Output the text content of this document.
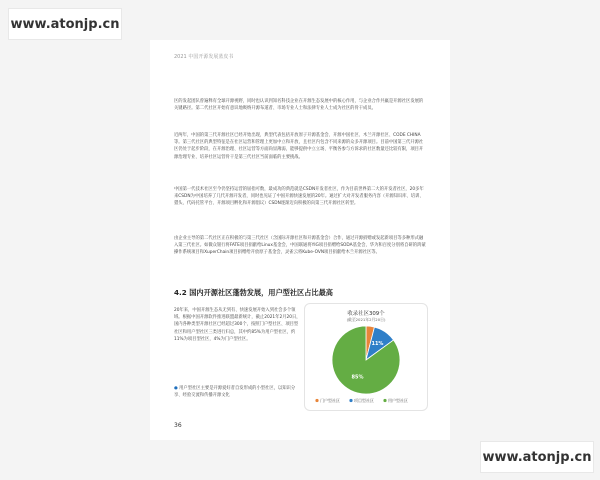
www.atonjp.cn
2021 中国开源发展蓝皮书

区的发起团队曾遍释有全球开源视野，同时也认识到知名科技企业在开源生态发展中的核心作用，与企业合作共赢是开源社区发展的关键路径。第二代社区开始有意识地吸纳开源布道者、市场专业人士和法律专业人士成为社区的骨干成员。

近两年，中国的第三代开源社区已经开始出现，典型代表包括开放原子开源基金会、开源中国社区、木兰开源社区、CODE CHINA等。第三代社区的典型特征是在社区运营和管理上更加中立和开放，且社区内包含不同来源的众多开源项目。目前中国第三代开源社区仍处于起步阶段，在开源治理、社区运营等方面尚显薄弱，能够提供中立立场、平衡各参与方诉求的社区数量还比较有限，项目开源治理专业、培养社区运营骨干是第三代社区当前面临的主要挑战。

中国第一代技术社区至今仍坚持运营的屈指可数，最成功的典范就是CSDN开发者社区，作为目前世界第二大的开发者社区，20多年来CSDN为中国培养了几代开源开发者，同时也见证了中国开源快速发展的20年。通过扩大对开发者服务内容（开源知识库、培训、猎头、代码托管平台、开源项目孵化和开源倡议）CSDN逐渐迈向积极的向第三代开源社区转型。

由企业主导的第二代社区正在积极的与第三代社区（含国际开源社区和开源基金会）合作，通过开源捐赠或发起新项目等多种形式融入第三代社区。如微众银行将FATE项目捐献给Linux基金会，中国联通将YIG项目捐赠给SODA基金会，华为和百度分别将自研的鸿蒙操作系统项目和XuperChain项目捐赠给开放原子基金会，灵雀云将Kube-OVN项目捐献给木兰开源社区等。

4.2 国内开源社区蓬勃发展，用户型社区占比最高

20年来，中国开源生态从无到有、快速发展开始入到社会多个领域。根据中国开源软件推进联盟最新统计，截止2021年2月20日，国内各种类型开源社区已经超过300个，按照门户型社区、项目型社区和用户型社区三类进行归总，其中约85%为用户型社区，约11%为项目型社区，4%为门户型社区。

● 用户型社区主要是开源爱好者自发形成的小型社区，以知识分享、经验交流和传播开源文化

收录社区309个
(截至2021年2月20日)
11%
85%
门户型社区	项目型社区	用户型社区
36
www.atonjp.cn
